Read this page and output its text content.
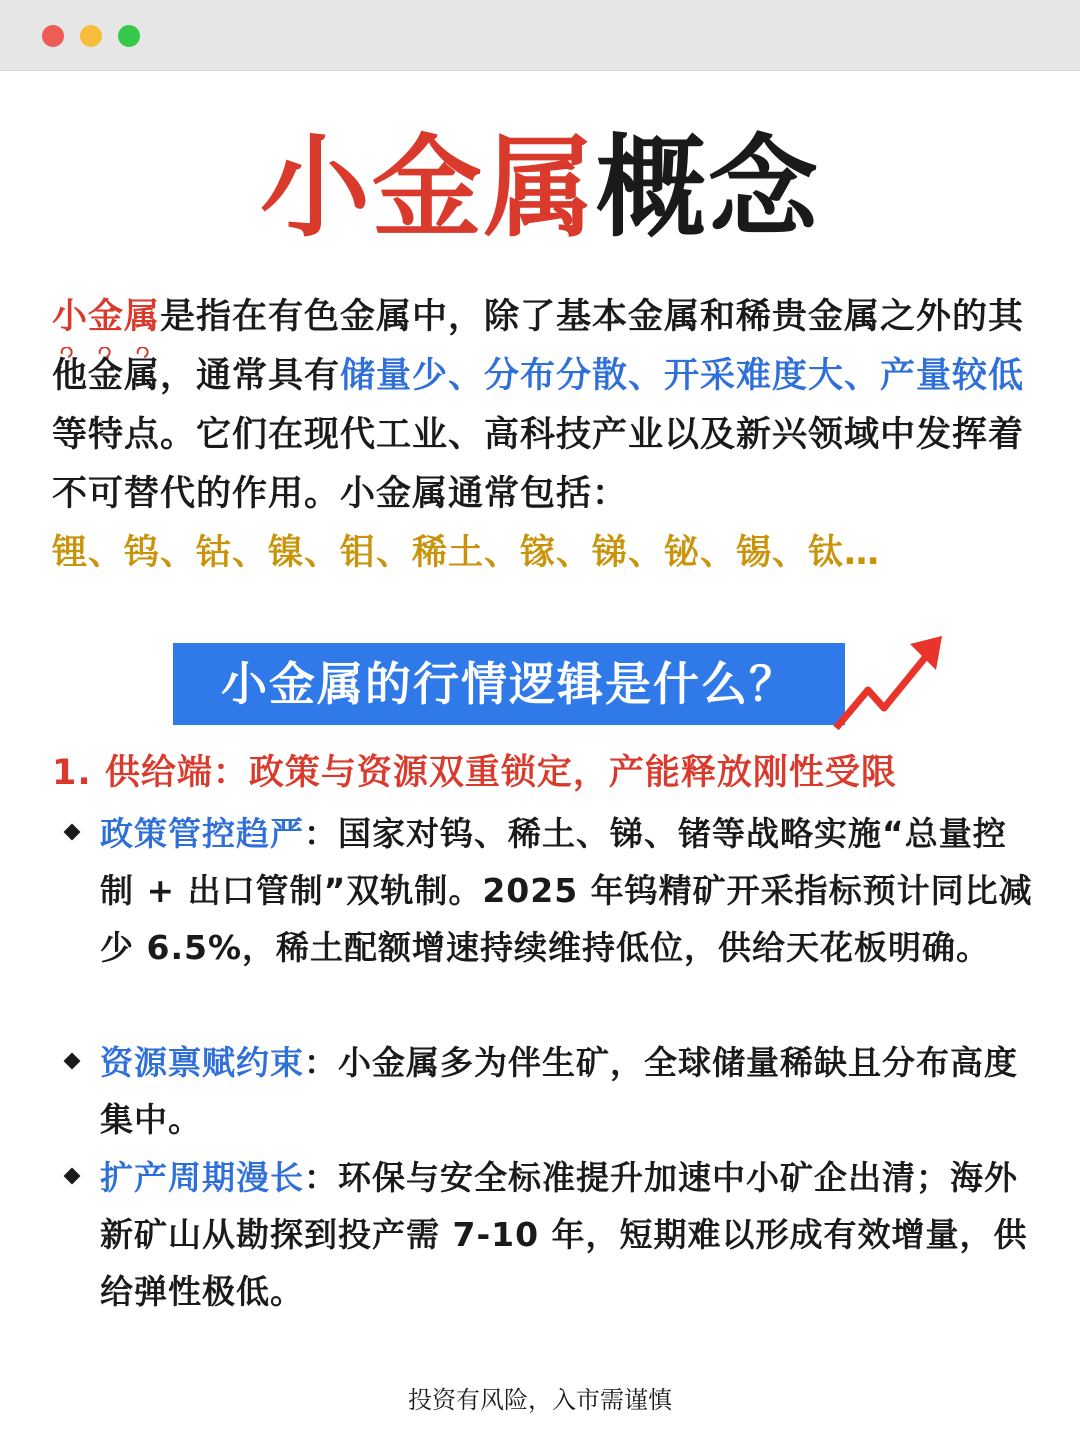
小金属概念
小金属
是指在有色金属中，除了基本金属和稀贵金属之外的其他金属，通常具有储量少、分布分散、开采难度大、产量较低等特点。它们在现代工业、高科技产业以及新兴领域中发挥着不可替代的作用。小金属通常包括：
锂、钨、钴、镍、钼、稀土、镓、锑、铋、锡、钛…
小金属的行情逻辑是什么？
1. 供给端：政策与资源双重锁定，产能释放刚性受限
政策管控趋严：国家对钨、稀土、锑、锗等战略实施“总量控制 + 出口管制”双轨制。2025 年钨精矿开采指标预计同比减少 6.5%，稀土配额增速持续维持低位，供给天花板明确。
资源禀赋约束：小金属多为伴生矿，全球储量稀缺且分布高度集中。
扩产周期漫长：环保与安全标准提升加速中小矿企出清；海外新矿山从勘探到投产需 7-10 年，短期难以形成有效增量，供给弹性极低。
投资有风险，入市需谨慎
